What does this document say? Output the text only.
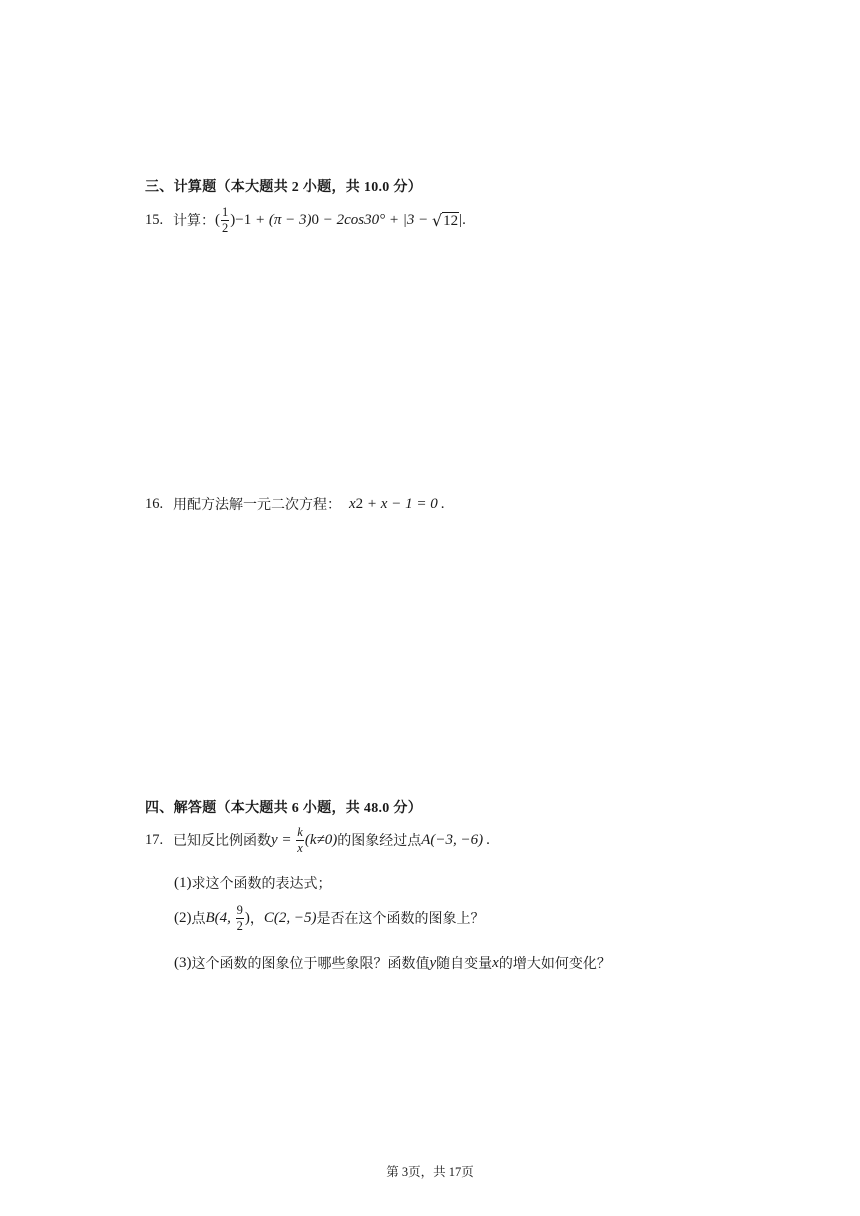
三、计算题（本大题共 2 小题，共 10.0 分）
15. 计算： ( $\frac{1}{2}$ ) −1 + (π − 3) 0 − 2cos30° + |3 − √ 12 |.
16. 用配方法解一元二次方程： x 2 + x − 1 = 0 .
四、解答题（本大题共 6 小题，共 48.0 分）
17. 已知反比例函数 $y = \frac{k}{x} (k\ne 0)$ 的图象经过点 A(−3, −6) .
(1) 求这个函数的表达式；
(2) 点 B(4, $\frac{9}{2}$ ) ， C(2, −5) 是否在这个函数的图象上？
(3) 这个函数的图象位于哪些象限？函数值 y 随自变量 x 的增大如何变化？
第 3页，共 17页
